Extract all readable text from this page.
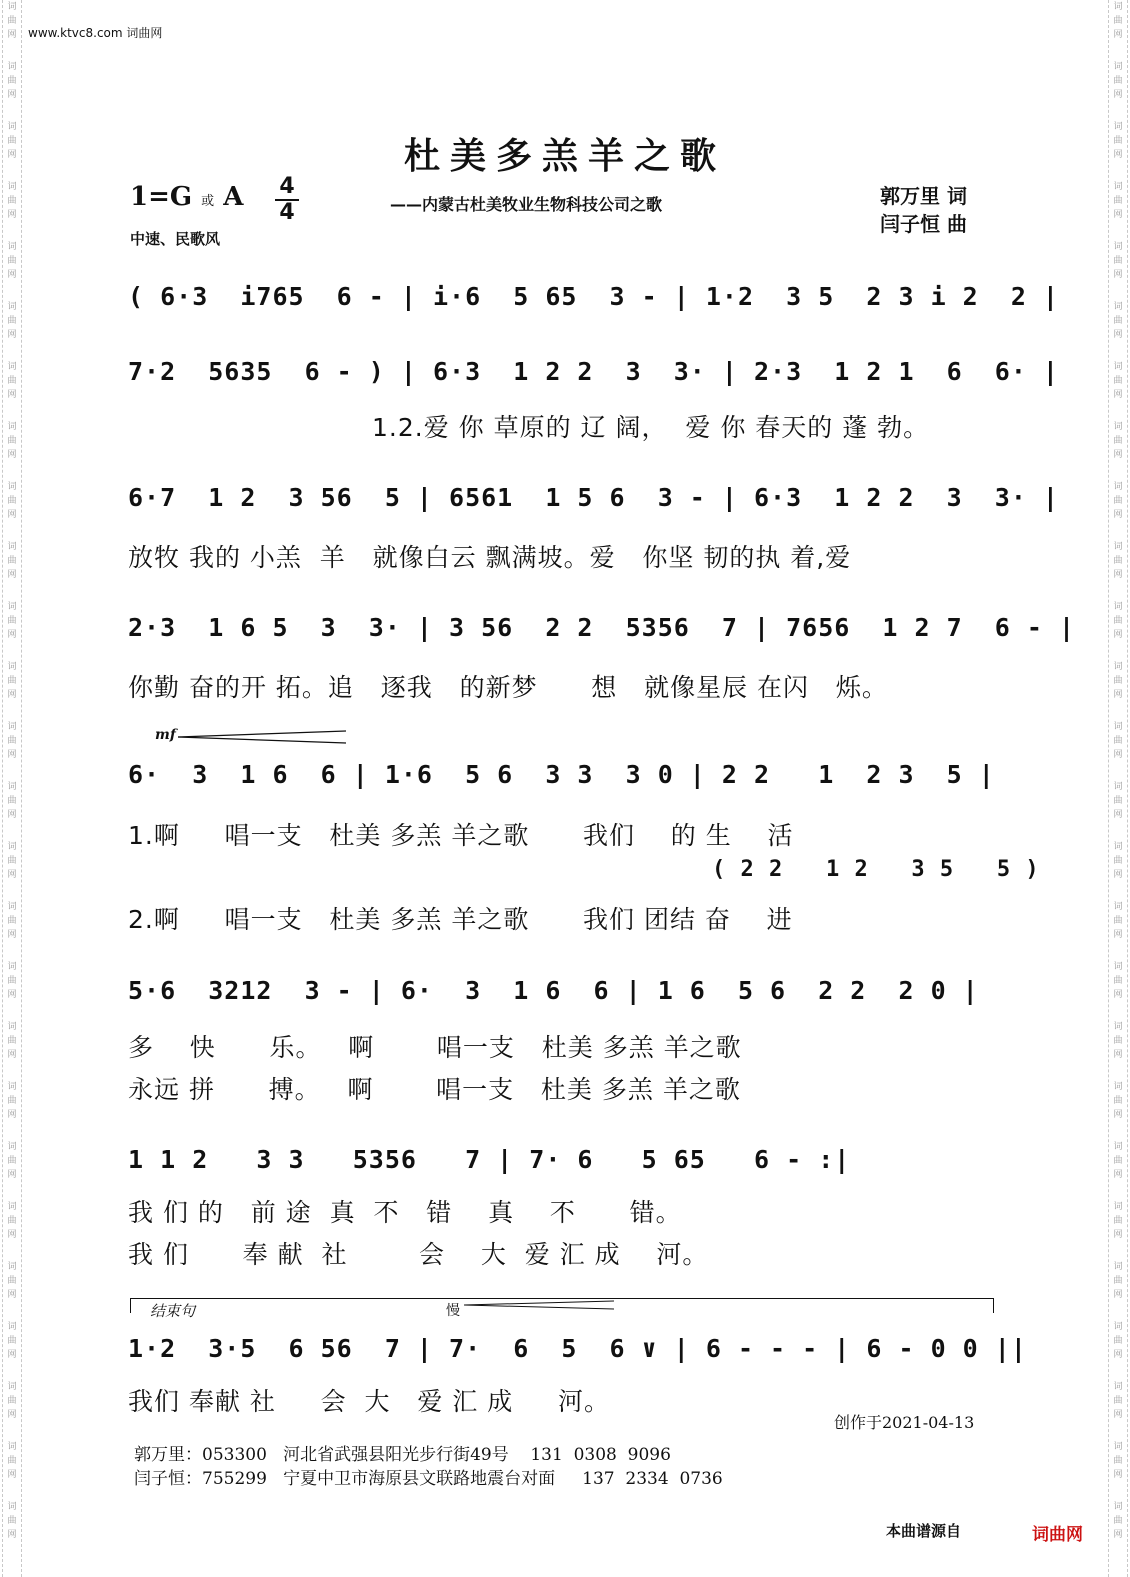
词
曲
网
词
曲
网
词
曲
网
词
曲
网
词
曲
网
词
曲
网
词
曲
网
词
曲
网
词
曲
网
词
曲
网
词
曲
网
词
曲
网
词
曲
网
词
曲
网
词
曲
网
词
曲
网
词
曲
网
词
曲
网
词
曲
网
词
曲
网
词
曲
网
词
曲
网
词
曲
网
词
曲
网
词
曲
网
词
曲
网
词
曲
网
词
曲
网
词
曲
网
词
曲
网
词
曲
网
词
曲
网
词
曲
网
词
曲
网
词
曲
网
词
曲
网
词
曲
网
词
曲
网
词
曲
网
词
曲
网
词
曲
网
词
曲
网
词
曲
网
词
曲
网
词
曲
网
词
曲
网
词
曲
网
词
曲
网
词
曲
网
词
曲
网
词
曲
网
词
曲
网
www.ktvc8.com 词曲网
杜美多羔羊之歌
——内蒙古杜美牧业生物科技公司之歌
1=G 或 A 4
4
中速、民歌风
郭万里 词
闫子恒 曲
( 6·3  i765  6 - | i·6  5 65  3 - | 1·2  3 5  2 3 i 2  2 |
7·2  5635  6 - ) | 6·3  1 2 2  3  3· | 2·3  1 2 1  6  6· |
1.2.爱 你 草原的 辽 阔，  爱 你 春天的 蓬 勃。
6·7  1 2  3 56  5 | 6561  1 5 6  3 - | 6·3  1 2 2  3  3· |
放牧 我的 小羔  羊   就像白云 飘满坡。爱   你坚 韧的执 着,爱
2·3  1 6 5  3  3· | 3 56  2 2  5356  7 | 7656  1 2 7  6 - |
你勤 奋的开 拓。追   逐我   的新梦      想   就像星辰 在闪   烁。
mf
6·  3  1 6  6 | 1·6  5 6  3 3  3 0 | 2 2   1  2 3  5 |
1.啊     唱一支   杜美 多羔 羊之歌      我们    的 生    活
( 2 2   1 2   3 5   5 )
2.啊     唱一支   杜美 多羔 羊之歌      我们 团结 奋    进
5·6  3212  3 - | 6·  3  1 6  6 | 1 6  5 6  2 2  2 0 |
多    快      乐。   啊       唱一支   杜美 多羔 羊之歌
永远 拼      搏。   啊       唱一支   杜美 多羔 羊之歌
1 1 2   3 3   5356   7 | 7· 6   5 65   6 - :|
我 们 的   前 途  真  不   错    真    不      错。
我 们      奉 献  社        会    大  爱 汇 成    河。
结束句	慢
1·2  3·5  6 56  7 | 7·  6  5  6 ∨ | 6 - - - | 6 - 0 0 ||
我们 奉献 社     会  大   爱 汇 成     河。
创作于2021-04-13
郭万里：053300   河北省武强县阳光步行街49号    131  0308  9096
闫子恒：755299   宁夏中卫市海原县文联路地震台对面     137  2334  0736
本曲谱源自	词曲网
